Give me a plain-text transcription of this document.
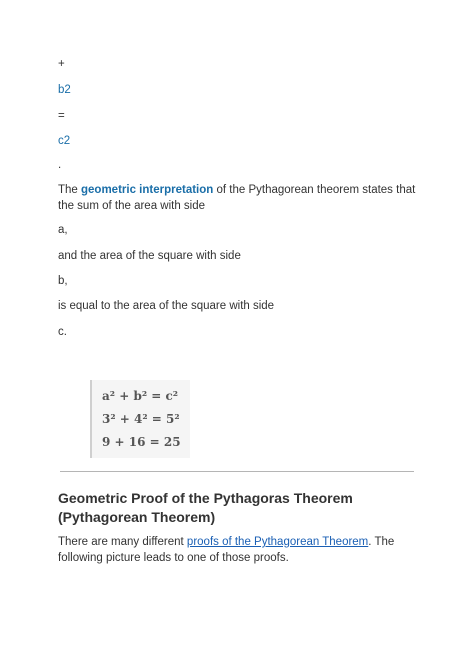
+
b2
=
c2
.
The geometric interpretation of the Pythagorean theorem states that the sum of the area with side
a,
and the area of the square with side
b,
is equal to the area of the square with side
c.
a² + b² = c²
3² + 4² = 5²
9 + 16 = 25
Geometric Proof of the Pythagoras Theorem (Pythagorean Theorem)
There are many different proofs of the Pythagorean Theorem. The following picture leads to one of those proofs.
